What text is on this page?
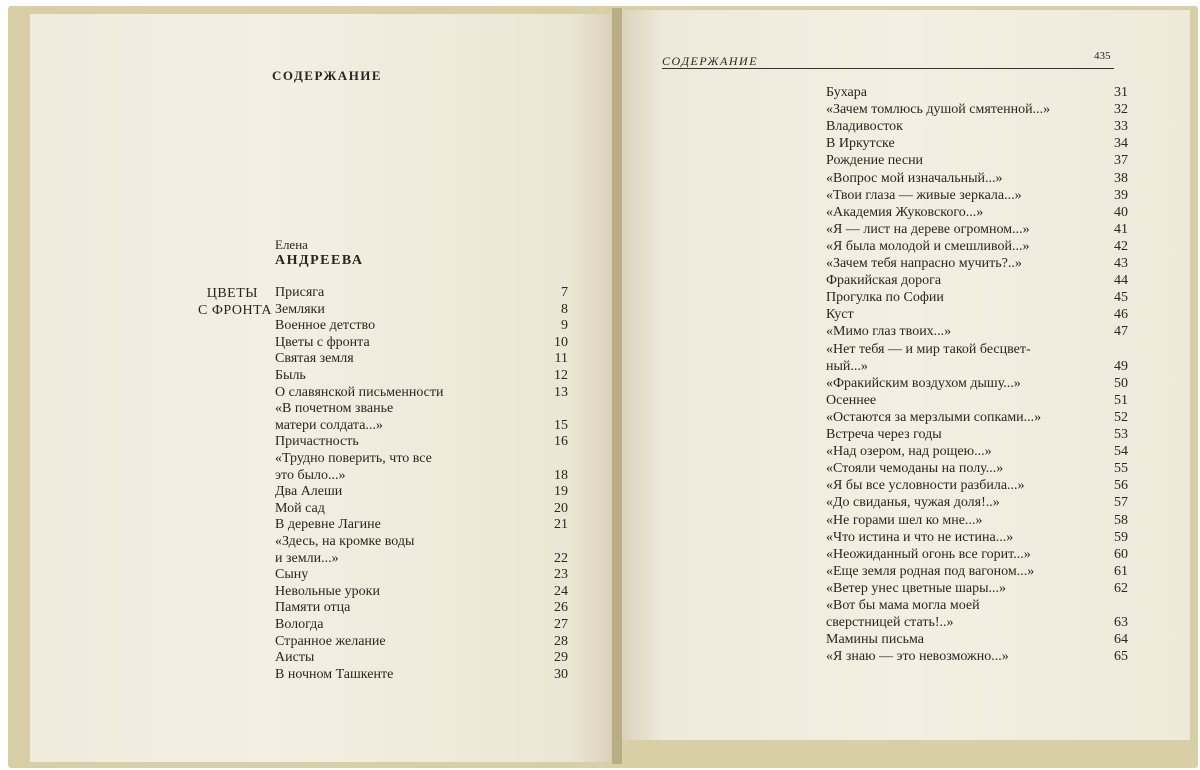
СОДЕРЖАНИЕ
Елена
АНДРЕЕВА
ЦВЕТЫ
С ФРОНТА
Присяга	7
Земляки	8
Военное детство	9
Цветы с фронта	10
Святая земля	11
Быль	12
О славянской письменности	13
«В почетном званье
матери солдата...»	15
Причастность	16
«Трудно поверить, что все
это было...»	18
Два Алеши	19
Мой сад	20
В деревне Лагине	21
«Здесь, на кромке воды
и земли...»	22
Сыну	23
Невольные уроки	24
Памяти отца	26
Вологда	27
Странное желание	28
Аисты	29
В ночном Ташкенте	30
СОДЕРЖАНИЕ	435
Бухара	31
«Зачем томлюсь душой смятенной...»	32
Владивосток	33
В Иркутске	34
Рождение песни	37
«Вопрос мой изначальный...»	38
«Твои глаза — живые зеркала...»	39
«Академия Жуковского...»	40
«Я — лист на дереве огромном...»	41
«Я была молодой и смешливой...»	42
«Зачем тебя напрасно мучить?..»	43
Фракийская дорога	44
Прогулка по Софии	45
Куст	46
«Мимо глаз твоих...»	47
«Нет тебя — и мир такой бесцвет-
ный...»	49
«Фракийским воздухом дышу...»	50
Осеннее	51
«Остаются за мерзлыми сопками...»	52
Встреча через годы	53
«Над озером, над рощею...»	54
«Стояли чемоданы на полу...»	55
«Я бы все условности разбила...»	56
«До свиданья, чужая доля!..»	57
«Не горами шел ко мне...»	58
«Что истина и что не истина...»	59
«Неожиданный огонь все горит...»	60
«Еще земля родная под вагоном...»	61
«Ветер унес цветные шары...»	62
«Вот бы мама могла моей
сверстницей стать!..»	63
Мамины письма	64
«Я знаю — это невозможно...»	65
